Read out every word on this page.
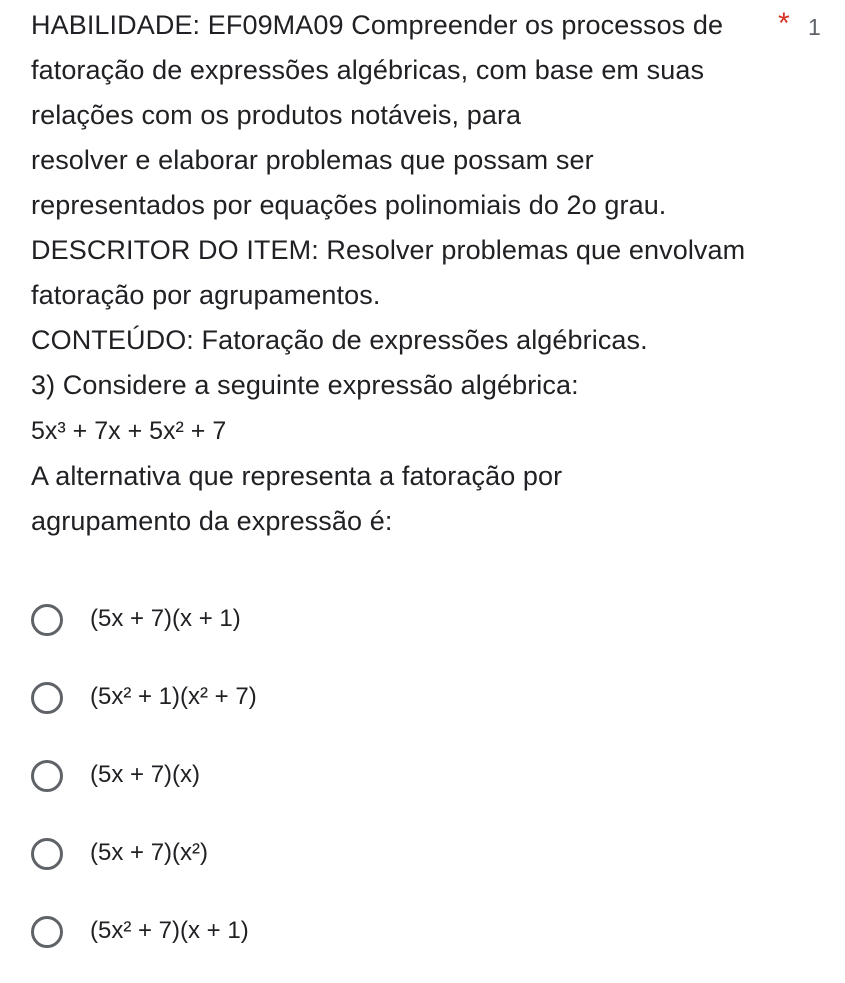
HABILIDADE: EF09MA09 Compreender os processos de
fatoração de expressões algébricas, com base em suas
relações com os produtos notáveis, para
resolver e elaborar problemas que possam ser
representados por equações polinomiais do 2o grau.
DESCRITOR DO ITEM: Resolver problemas que envolvam
fatoração por agrupamentos.
CONTEÚDO: Fatoração de expressões algébricas.
3) Considere a seguinte expressão algébrica:
5x³ + 7x + 5x² + 7
A alternativa que representa a fatoração por
agrupamento da expressão é:
* 1
(5x + 7)(x + 1)
(5x² + 1)(x² + 7)
(5x + 7)(x)
(5x + 7)(x²)
(5x² + 7)(x + 1)
